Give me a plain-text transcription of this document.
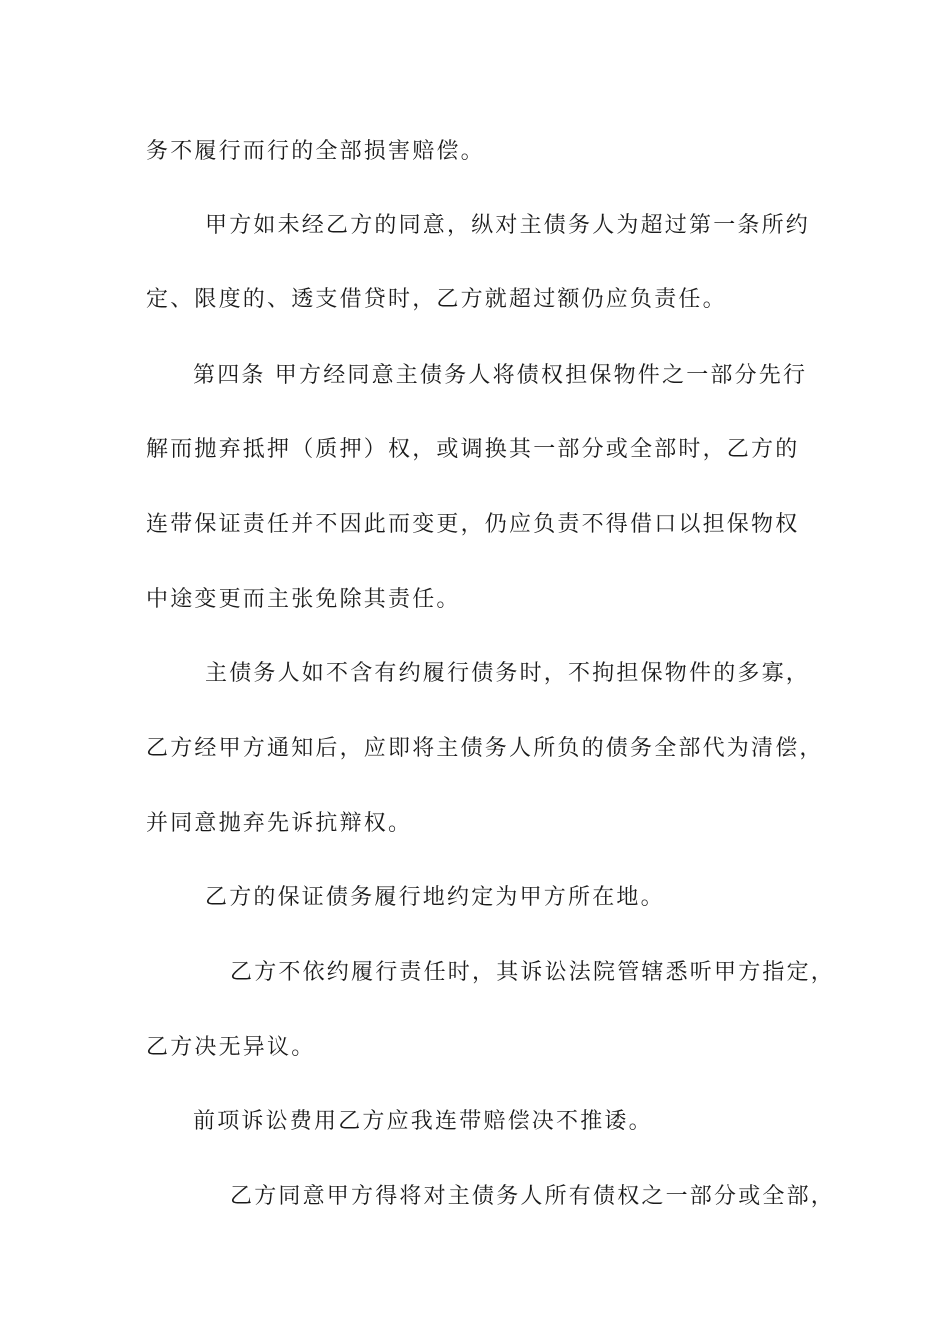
务不履行而行的全部损害赔偿。
甲方如未经乙方的同意，纵对主债务人为超过第一条所约
定、限度的、透支借贷时，乙方就超过额仍应负责任。
第四条 甲方经同意主债务人将债权担保物件之一部分先行
解而抛弃抵押（质押）权，或调换其一部分或全部时，乙方的
连带保证责任并不因此而变更，仍应负责不得借口以担保物权
中途变更而主张免除其责任。
主债务人如不含有约履行债务时，不拘担保物件的多寡，
乙方经甲方通知后，应即将主债务人所负的债务全部代为清偿，
并同意抛弃先诉抗辩权。
乙方的保证债务履行地约定为甲方所在地。
乙方不依约履行责任时，其诉讼法院管辖悉听甲方指定，
乙方决无异议。
前项诉讼费用乙方应我连带赔偿决不推诿。
乙方同意甲方得将对主债务人所有债权之一部分或全部，
